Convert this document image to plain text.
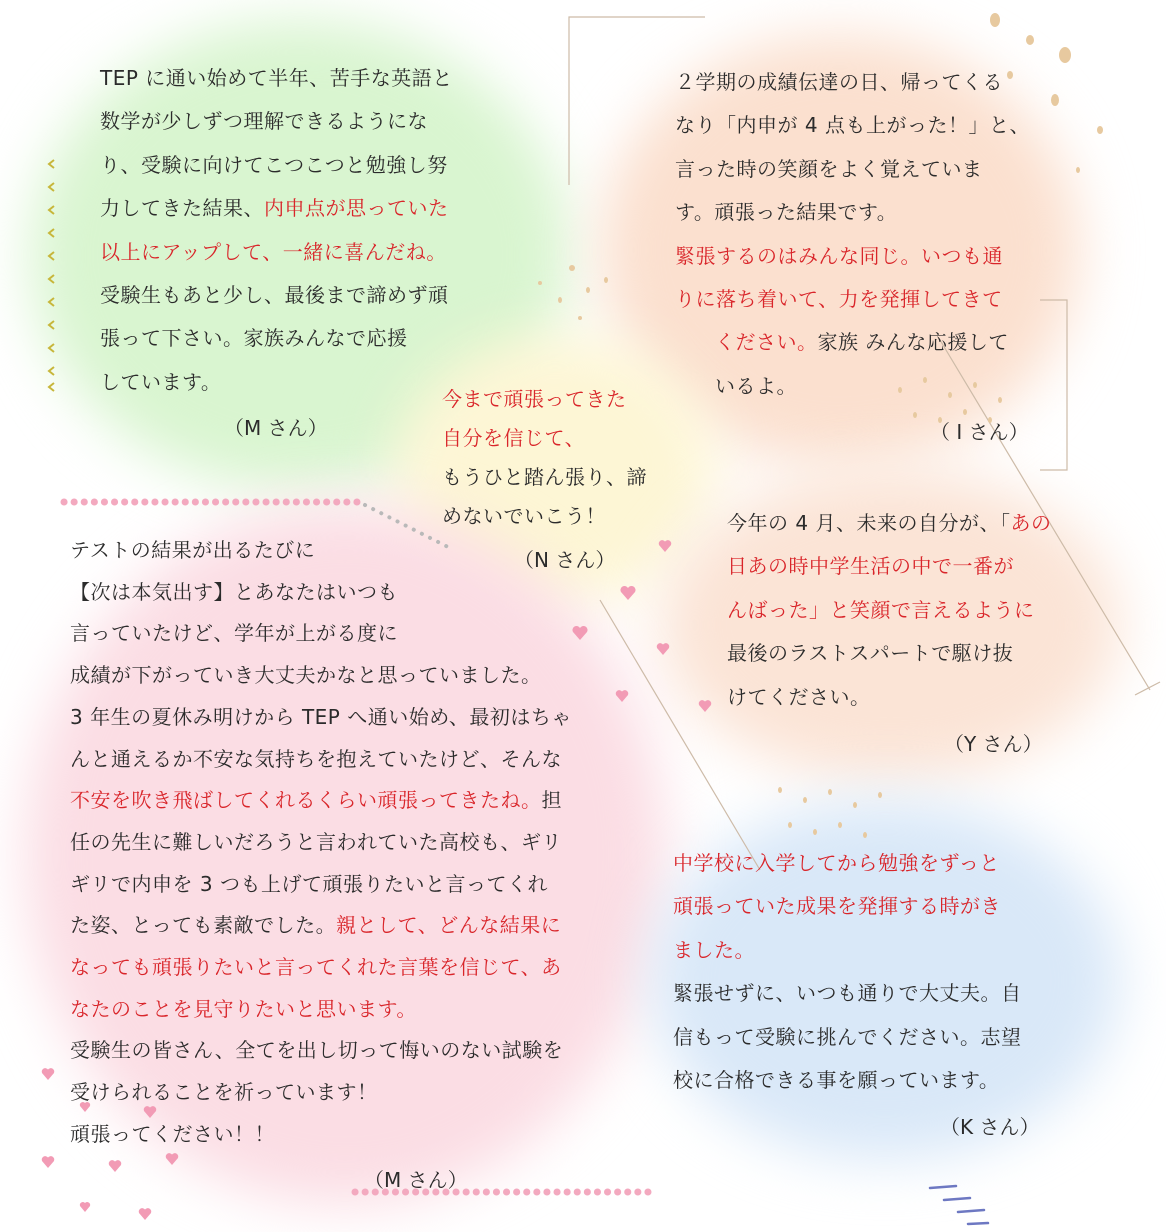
TEP に通い始めて半年、苦手な英語と
数学が少しずつ理解できるようにな
り、受験に向けてこつこつと勉強し努
力してきた結果、内申点が思っていた
以上にアップして、一緒に喜んだね。
受験生もあと少し、最後まで諦めず頑
張って下さい。家族みんなで応援
しています。
（M さん）
２学期の成績伝達の日、帰ってくる
なり「内申が 4 点も上がった！」と、
言った時の笑顔をよく覚えていま
す。頑張った結果です。
緊張するのはみんな同じ。いつも通
りに落ち着いて、力を発揮してきて
ください。家族 みんな応援して
いるよ。
（ I さん）
今まで頑張ってきた
自分を信じて、
もうひと踏ん張り、諦
めないでいこう！
（N さん）
今年の 4 月、未来の自分が、「あの
日あの時中学生活の中で一番が
んばった」と笑顔で言えるように
最後のラストスパートで駆け抜
けてください。
（Y さん）
テストの結果が出るたびに
【次は本気出す】とあなたはいつも
言っていたけど、学年が上がる度に
成績が下がっていき大丈夫かなと思っていました。
3 年生の夏休み明けから TEP へ通い始め、最初はちゃ
んと通えるか不安な気持ちを抱えていたけど、そんな
不安を吹き飛ばしてくれるくらい頑張ってきたね。担
任の先生に難しいだろうと言われていた高校も、ギリ
ギリで内申を 3 つも上げて頑張りたいと言ってくれ
た姿、とっても素敵でした。親として、どんな結果に
なっても頑張りたいと言ってくれた言葉を信じて、あ
なたのことを見守りたいと思います。
受験生の皆さん、全てを出し切って悔いのない試験を
受けられることを祈っています！
頑張ってください！！
（M さん）
中学校に入学してから勉強をずっと
頑張っていた成果を発揮する時がき
ました。
緊張せずに、いつも通りで大丈夫。自
信もって受験に挑んでください。志望
校に合格できる事を願っています。
（K さん）
